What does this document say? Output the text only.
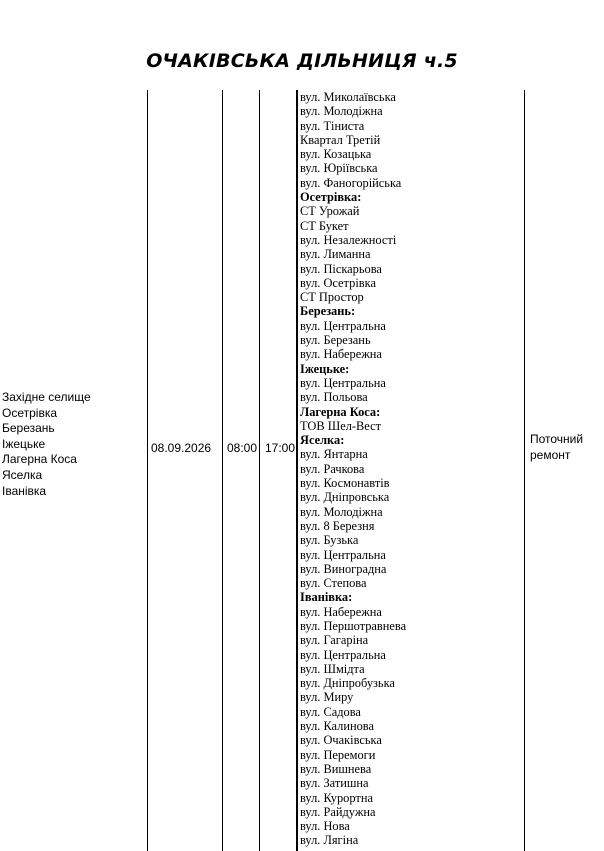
ОЧАКІВСЬКА ДІЛЬНИЦЯ ч.5
Західне селище
Осетрівка
Березань
Іжецьке
Лагерна Коса
Яселка
Іванівка
08.09.2026 08:00 17:00
Поточний
ремонт
вул. Миколаївська
вул. Молодіжна
вул. Тіниста
Квартал Третій
вул. Козацька
вул. Юріївська
вул. Фаногорійська
Осетрівка:
СТ Урожай
СТ Букет
вул. Незалежності
вул. Лиманна
вул. Піскарьова
вул. Осетрівка
СТ Простор
Березань:
вул. Центральна
вул. Березань
вул. Набережна
Іжецьке:
вул. Центральна
вул. Польова
Лагерна Коса:
ТОВ Шел-Вест
Яселка:
вул. Янтарна
вул. Рачкова
вул. Космонавтів
вул. Дніпровська
вул. Молодіжна
вул. 8 Березня
вул. Бузька
вул. Центральна
вул. Виноградна
вул. Степова
Іванівка:
вул. Набережна
вул. Першотравнева
вул. Гагаріна
вул. Центральна
вул. Шмідта
вул. Дніпробузька
вул. Миру
вул. Садова
вул. Калинова
вул. Очаківська
вул. Перемоги
вул. Вишнева
вул. Затишна
вул. Курортна
вул. Райдужна
вул. Нова
вул. Лягіна
